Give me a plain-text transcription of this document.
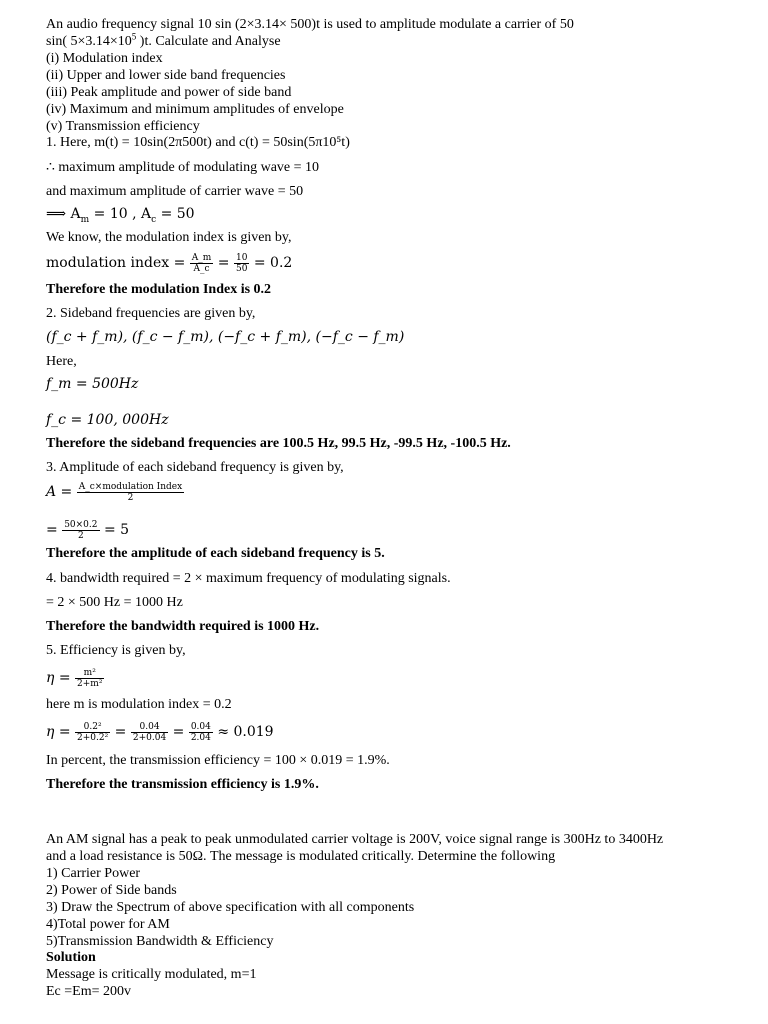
An audio frequency signal 10 sin (2×3.14× 500)t is used to amplitude modulate a carrier of 50
sin( $5\times 3.14\times 10^5$ )t. Calculate and Analyse
(i) Modulation index
(ii) Upper and lower side band frequencies
(iii) Peak amplitude and power of side band
(iv) Maximum and minimum amplitudes of envelope
(v) Transmission efficiency
1. Here, m(t) = 10sin(2π500t) and c(t) = 50sin(5π10⁵t)
∴ maximum amplitude of modulating wave = 10
and maximum amplitude of carrier wave = 50
⟹ $A_m = 10$ , $A_c = 50$
We know, the modulation index is given by,
modulation index = $\frac{A\_m}{A\_c} = \frac{10}{50} = 0.2$
Therefore the modulation Index is 0.2
2. Sideband frequencies are given by,
(f_c + f_m), (f_c − f_m), (−f_c + f_m), (−f_c − f_m)
Here,
f_m = 500Hz
f_c = 100, 000Hz
Therefore the sideband frequencies are 100.5 Hz, 99.5 Hz, -99.5 Hz, -100.5 Hz.
3. Amplitude of each sideband frequency is given by,
$A = \frac{\text{A\_c×modulation Index}}{2}$
= $\frac{50\times 0.2}{2} = 5$
Therefore the amplitude of each sideband frequency is 5.
4. bandwidth required = 2 × maximum frequency of modulating signals.
= 2 × 500 Hz = 1000 Hz
Therefore the bandwidth required is 1000 Hz.
5. Efficiency is given by,
$\eta = \frac{\text{m²}}{\text{2+m²}}$
here m is modulation index = 0.2
$\eta = \frac{\text{0.2²}}{\text{2+0.2²}} = \frac{0.04}{2+0.04} = \frac{0.04}{2.04} \approx 0.019$
In percent, the transmission efficiency = 100 × 0.019 = 1.9%.
Therefore the transmission efficiency is 1.9%.
An AM signal has a peak to peak unmodulated carrier voltage is 200V, voice signal range is 300Hz to 3400Hz
and a load resistance is 50Ω. The message is modulated critically. Determine the following
1) Carrier Power
2) Power of Side bands
3) Draw the Spectrum of above specification with all components
4)Total power for AM
5)Transmission Bandwidth & Efficiency
Solution
Message is critically modulated, m=1
Ec =Em= 200v
